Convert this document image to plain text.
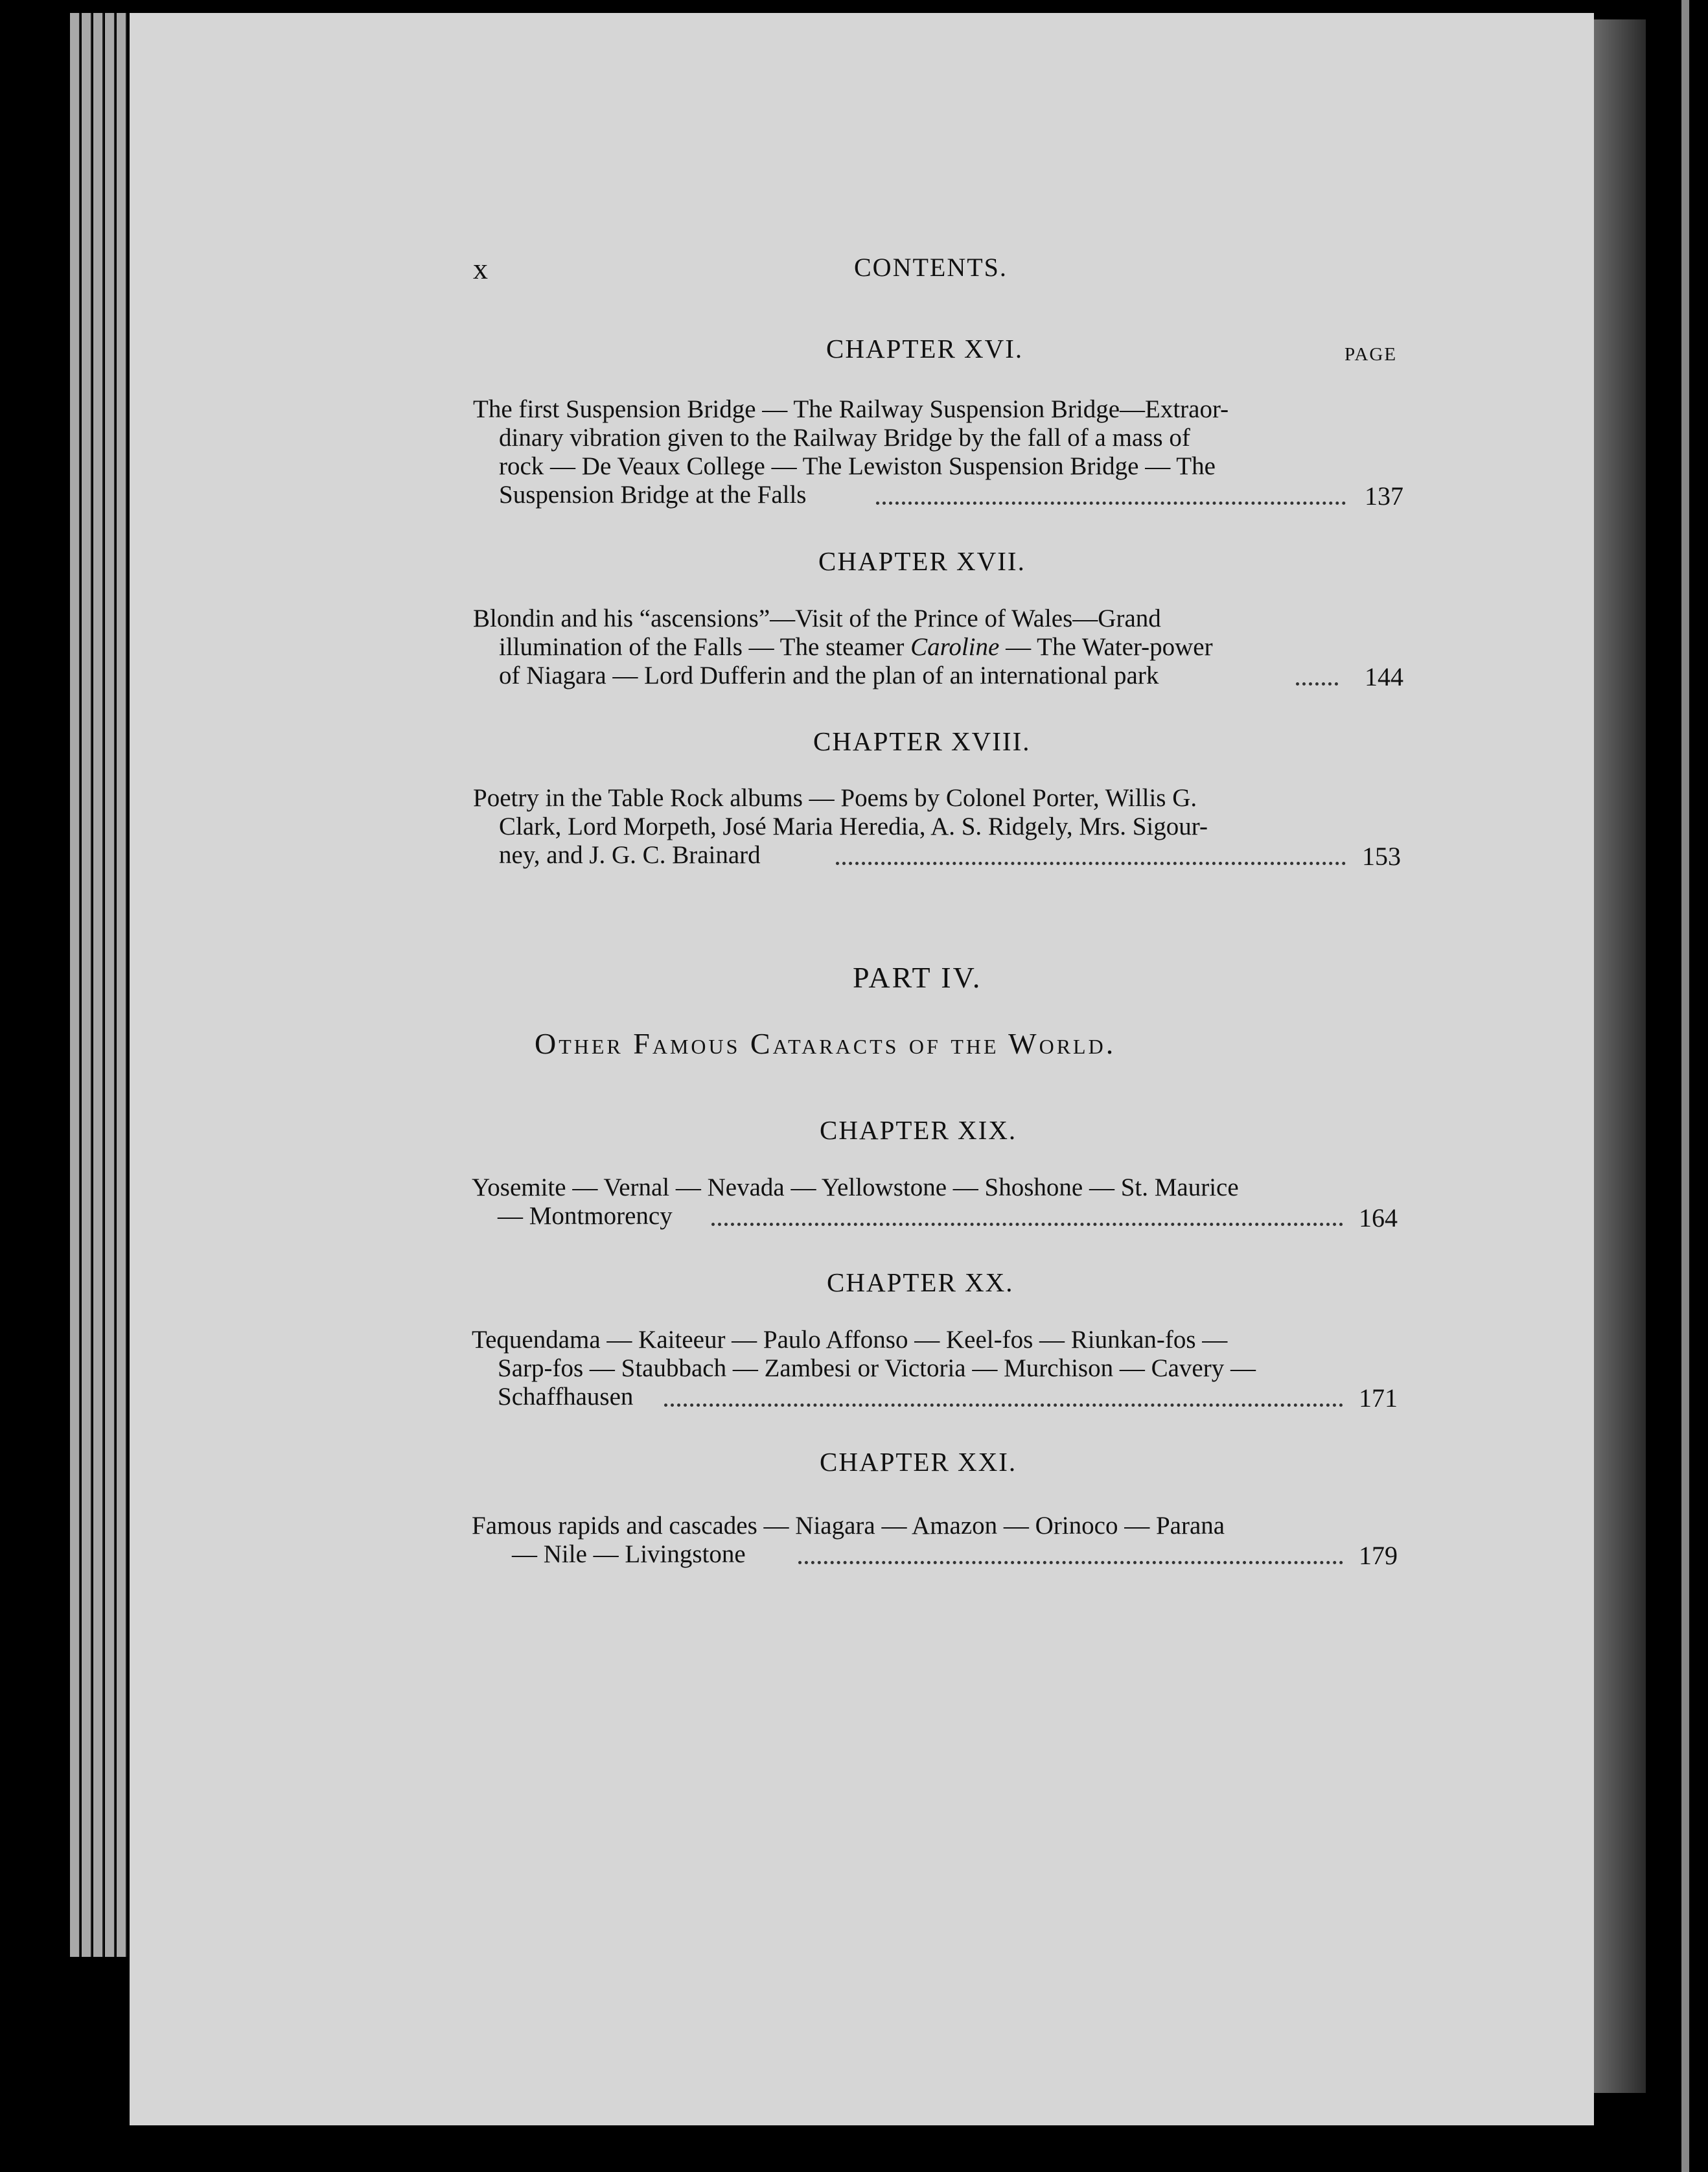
x	CONTENTS.
PAGE
CHAPTER XVI.
The first Suspension Bridge — The Railway Suspension Bridge—Extraor-
dinary vibration given to the Railway Bridge by the fall of a mass of
rock — De Veaux College — The Lewiston Suspension Bridge — The
Suspension Bridge at the Falls	137
CHAPTER XVII.
Blondin and his “ascensions”—Visit of the Prince of Wales—Grand
illumination of the Falls — The steamer Caroline — The Water-power
of Niagara — Lord Dufferin and the plan of an international park	144
CHAPTER XVIII.
Poetry in the Table Rock albums — Poems by Colonel Porter, Willis G.
Clark, Lord Morpeth, José Maria Heredia, A. S. Ridgely, Mrs. Sigour-
ney, and J. G. C. Brainard	153
PART IV.
Other Famous Cataracts of the World.
CHAPTER XIX.
Yosemite — Vernal — Nevada — Yellowstone — Shoshone — St. Maurice
— Montmorency	164
CHAPTER XX.
Tequendama — Kaiteeur — Paulo Affonso — Keel-fos — Riunkan-fos —
Sarp-fos — Staubbach — Zambesi or Victoria — Murchison — Cavery —
Schaffhausen	171
CHAPTER XXI.
Famous rapids and cascades — Niagara — Amazon — Orinoco — Parana
— Nile — Livingstone	179
